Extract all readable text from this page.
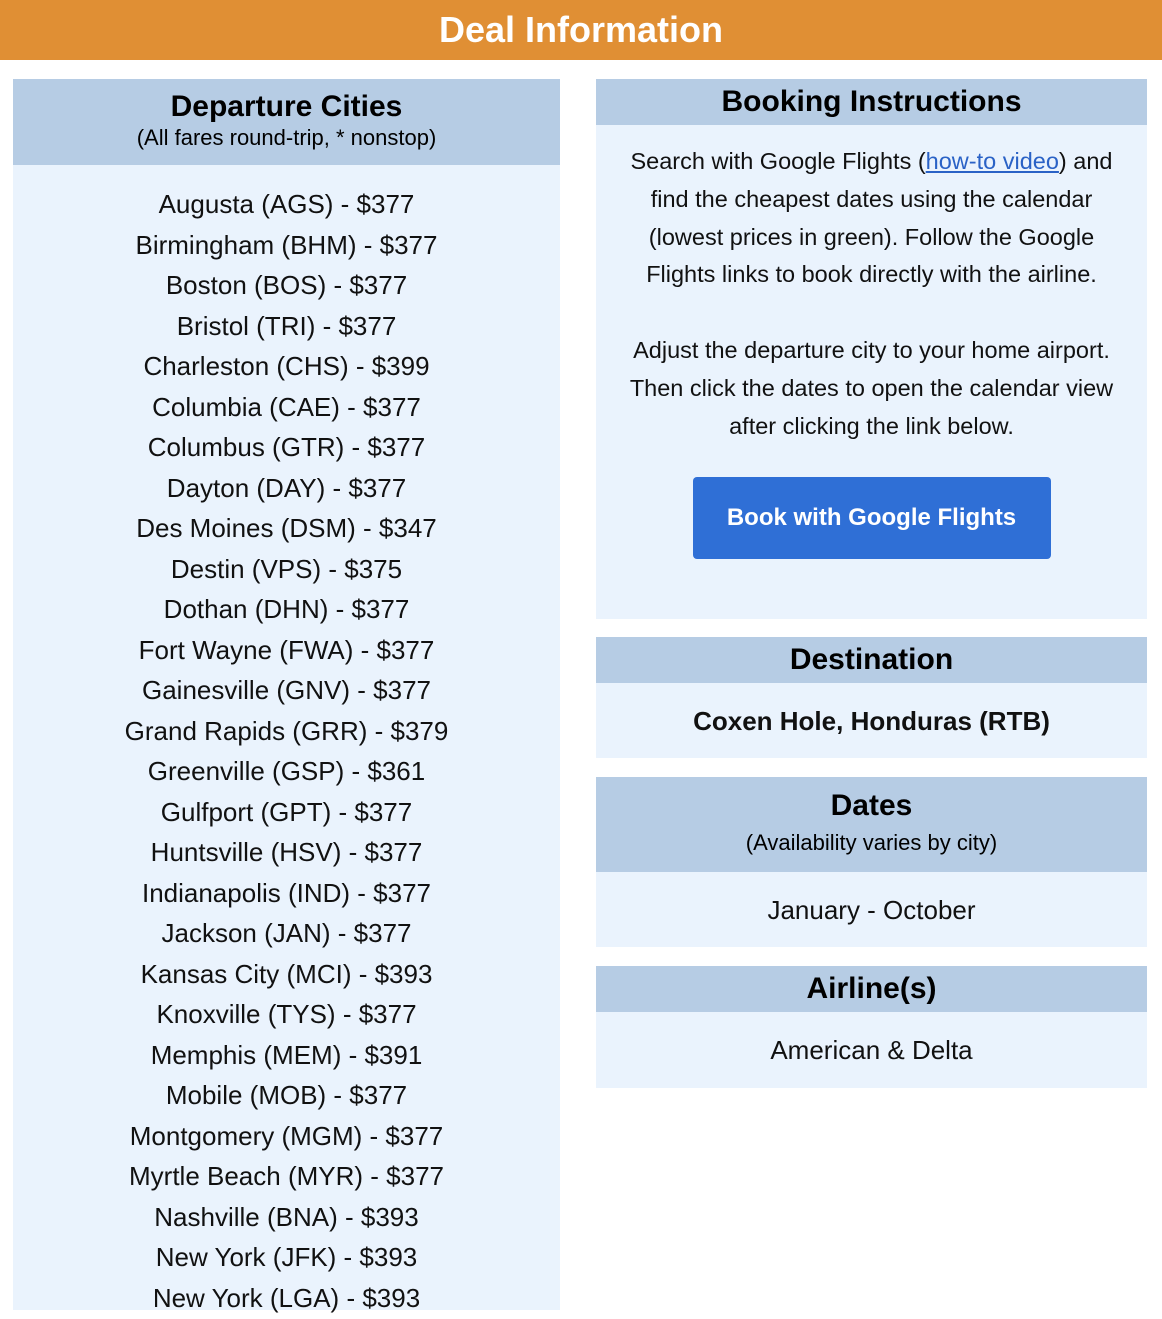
Deal Information
Departure Cities
(All fares round-trip, * nonstop)
Augusta (AGS) - $377
Birmingham (BHM) - $377
Boston (BOS) - $377
Bristol (TRI) - $377
Charleston (CHS) - $399
Columbia (CAE) - $377
Columbus (GTR) - $377
Dayton (DAY) - $377
Des Moines (DSM) - $347
Destin (VPS) - $375
Dothan (DHN) - $377
Fort Wayne (FWA) - $377
Gainesville (GNV) - $377
Grand Rapids (GRR) - $379
Greenville (GSP) - $361
Gulfport (GPT) - $377
Huntsville (HSV) - $377
Indianapolis (IND) - $377
Jackson (JAN) - $377
Kansas City (MCI) - $393
Knoxville (TYS) - $377
Memphis (MEM) - $391
Mobile (MOB) - $377
Montgomery (MGM) - $377
Myrtle Beach (MYR) - $377
Nashville (BNA) - $393
New York (JFK) - $393
New York (LGA) - $393
Booking Instructions

Search with Google Flights (how-to video) and find the cheapest dates using the calendar (lowest prices in green). Follow the Google Flights links to book directly with the airline.

Adjust the departure city to your home airport. Then click the dates to open the calendar view after clicking the link below.

Book with Google Flights
Destination
Coxen Hole, Honduras (RTB)
Dates
(Availability varies by city)
January - October
Airline(s)
American & Delta
